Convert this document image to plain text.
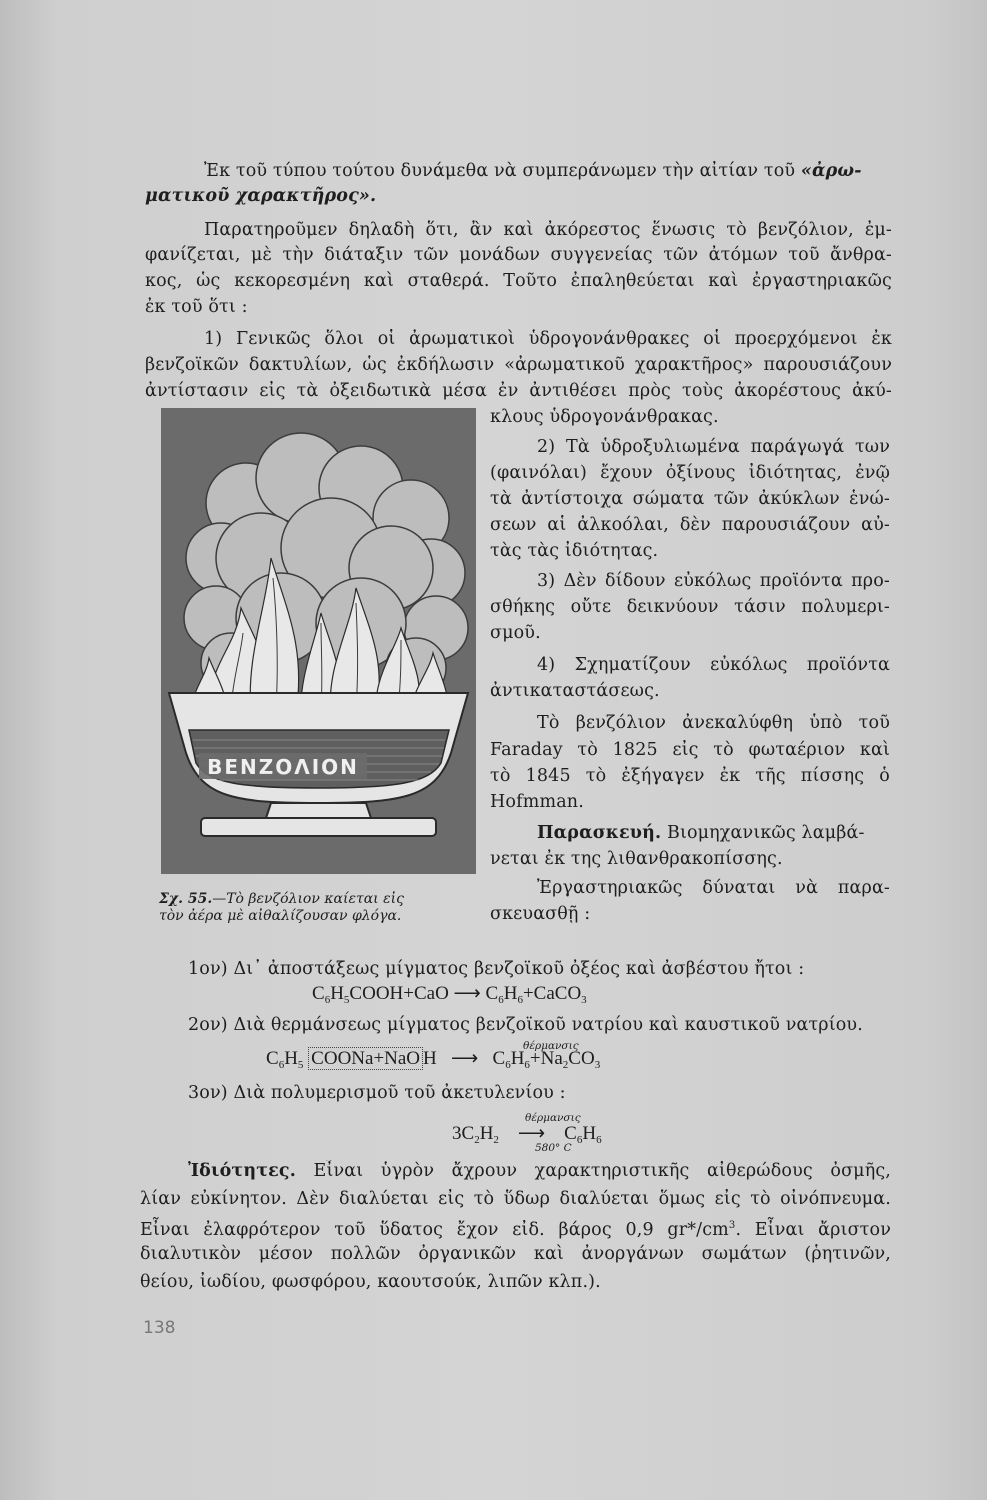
Ἐκ τοῦ τύπου τούτου δυνάμεθα νὰ συμπεράνωμεν τὴν αἰτίαν τοῦ «ἀρω-
ματικοῦ χαρακτῆρος».
Παρατηροῦμεν δηλαδὴ ὅτι, ἂν καὶ ἀκόρεστος ἕνωσις τὸ βενζόλιον, ἐμ-
φανίζεται, μὲ τὴν διάταξιν τῶν μονάδων συγγενείας τῶν ἀτόμων τοῦ ἄνθρα-
κος, ὡς κεκορεσμένη καὶ σταθερά. Τοῦτο ἐπαληθεύεται καὶ ἐργαστηριακῶς
ἐκ τοῦ ὅτι :
1) Γενικῶς ὅλοι οἱ ἀρωματικοὶ ὑδρογονάνθρακες οἱ προερχόμενοι ἐκ
βενζοϊκῶν δακτυλίων, ὡς ἐκδήλωσιν «ἀρωματικοῦ χαρακτῆρος» παρουσιάζουν
ἀντίστασιν εἰς τὰ ὀξειδωτικὰ μέσα ἐν ἀντιθέσει πρὸς τοὺς ἀκορέστους ἀκύ-
κλους ὑδρογονάνθρακας.
2) Τὰ ὑδροξυλιωμένα παράγωγά των
(φαινόλαι) ἔχουν ὀξίνους ἰδιότητας, ἐνῷ
τὰ ἀντίστοιχα σώματα τῶν ἀκύκλων ἑνώ-
σεων αἱ ἀλκοόλαι, δὲν παρουσιάζουν αὐ-
τὰς τὰς ἰδιότητας.
3) Δὲν δίδουν εὐκόλως προϊόντα προ-
σθήκης οὔτε δεικνύουν τάσιν πολυμερι-
σμοῦ.
4) Σχηματίζουν εὐκόλως προϊόντα
ἀντικαταστάσεως.
Τὸ βενζόλιον ἀνεκαλύφθη ὑπὸ τοῦ
Faraday τὸ 1825 εἰς τὸ φωταέριον καὶ
τὸ 1845 τὸ ἐξήγαγεν ἐκ τῆς πίσσης ὁ
Hofmman.
Παρασκευή. Βιομηχανικῶς λαμβά-
νεται ἐκ της λιθανθρακοπίσσης.
Ἐργαστηριακῶς δύναται νὰ παρα-
σκευασθῇ :
ΒΕΝΖΟΛΙΟΝ
Σχ. 55.—Τὸ βενζόλιον καίεται εἰς
τὸν ἀέρα μὲ αἰθαλίζουσαν φλόγα.
1ον) Δι᾽ ἀποστάξεως μίγματος βενζοϊκοῦ ὀξέος καὶ ἀσβέστου ἤτοι :
$C_6H_5COOH+CaO$ ⟶ $C_6H_6+CaCO_3$
2ον) Διὰ θερμάνσεως μίγματος βενζοϊκοῦ νατρίου καὶ καυστικοῦ νατρίου.
$C_6H_5$ COONa+NaO H   ⟶   $C_6H_6+Na_2CO_3$
θέρμανσις
3ον) Διὰ πολυμερισμοῦ τοῦ ἀκετυλενίου :
$3C_2H_2$    ⟶    $C_6H_6$
θέρμανσις
580° C
Ἰδιότητες. Εἶναι ὑγρὸν ἄχρουν χαρακτηριστικῆς αἰθερώδους ὀσμῆς,
λίαν εὐκίνητον. Δὲν διαλύεται εἰς τὸ ὕδωρ διαλύεται ὅμως εἰς τὸ οἰνόπνευμα.
Εἶναι ἐλαφρότερον τοῦ ὕδατος ἔχον εἰδ. βάρος 0,9 $gr*/cm^3$. Εἶναι ἄριστον
διαλυτικὸν μέσον πολλῶν ὀργανικῶν καὶ ἀνοργάνων σωμάτων (ῥητινῶν,
θείου, ἰωδίου, φωσφόρου, καουτσούκ, λιπῶν κλπ.).
138
